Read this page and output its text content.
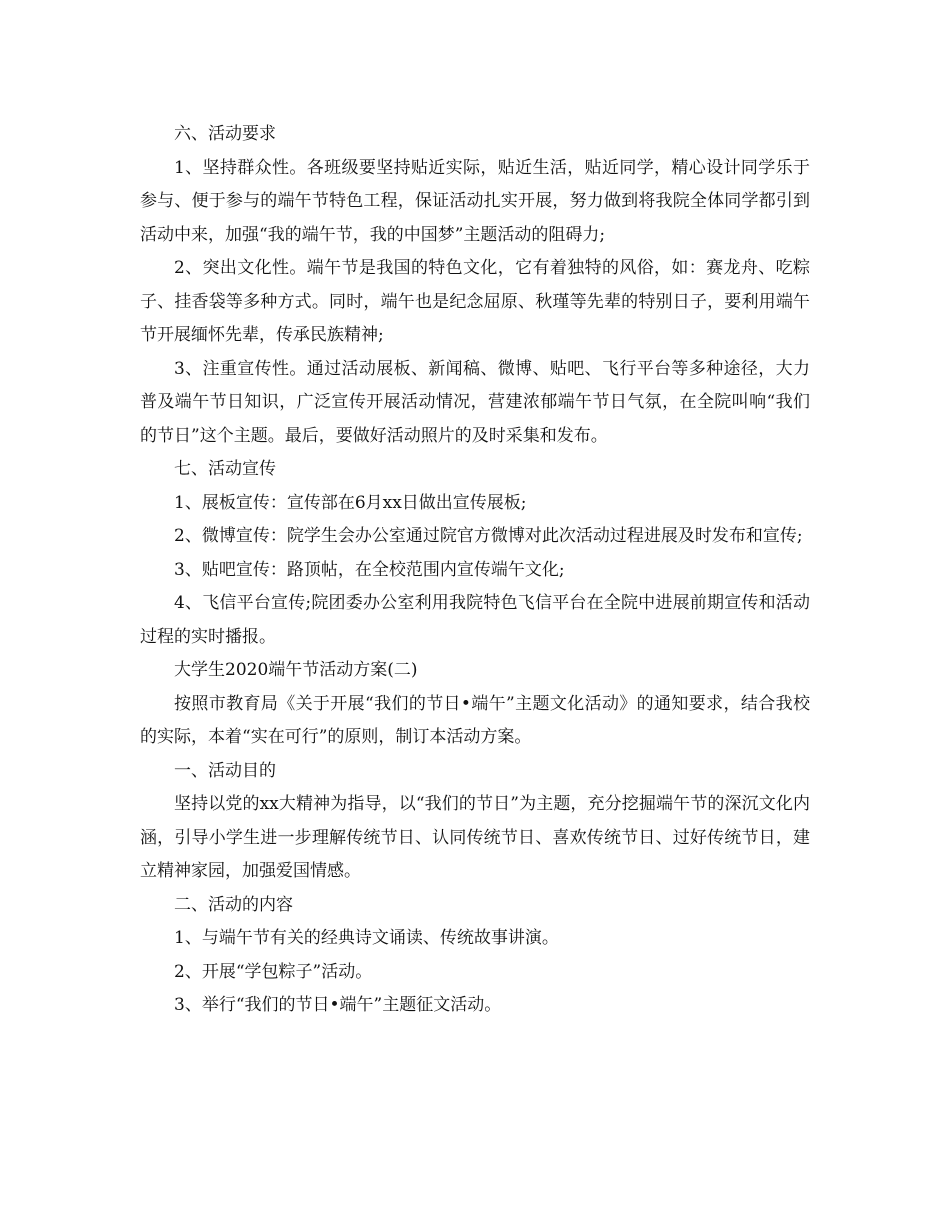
六、活动要求

1、坚持群众性。各班级要坚持贴近实际，贴近生活，贴近同学，精心设计同学乐于参与、便于参与的端午节特色工程，保证活动扎实开展，努力做到将我院全体同学都引到活动中来，加强“我的端午节，我的中国梦”主题活动的阻碍力;

2、突出文化性。端午节是我国的特色文化，它有着独特的风俗，如：赛龙舟、吃粽子、挂香袋等多种方式。同时，端午也是纪念屈原、秋瑾等先辈的特别日子，要利用端午节开展缅怀先辈，传承民族精神;

3、注重宣传性。通过活动展板、新闻稿、微博、贴吧、飞行平台等多种途径，大力普及端午节日知识，广泛宣传开展活动情况，营建浓郁端午节日气氛，在全院叫响“我们的节日”这个主题。最后，要做好活动照片的及时采集和发布。

七、活动宣传

1、展板宣传：宣传部在6月xx日做出宣传展板;

2、微博宣传：院学生会办公室通过院官方微博对此次活动过程进展及时发布和宣传;

3、贴吧宣传：路顶帖，在全校范围内宣传端午文化;

4、飞信平台宣传;院团委办公室利用我院特色飞信平台在全院中进展前期宣传和活动过程的实时播报。

大学生2020端午节活动方案(二)

按照市教育局《关于开展“我们的节日•端午”主题文化活动》的通知要求，结合我校的实际，本着“实在可行”的原则，制订本活动方案。

一、活动目的

坚持以党的xx大精神为指导，以“我们的节日”为主题，充分挖掘端午节的深沉文化内涵，引导小学生进一步理解传统节日、认同传统节日、喜欢传统节日、过好传统节日，建立精神家园，加强爱国情感。

二、活动的内容

1、与端午节有关的经典诗文诵读、传统故事讲演。

2、开展“学包粽子”活动。

3、举行“我们的节日•端午”主题征文活动。
